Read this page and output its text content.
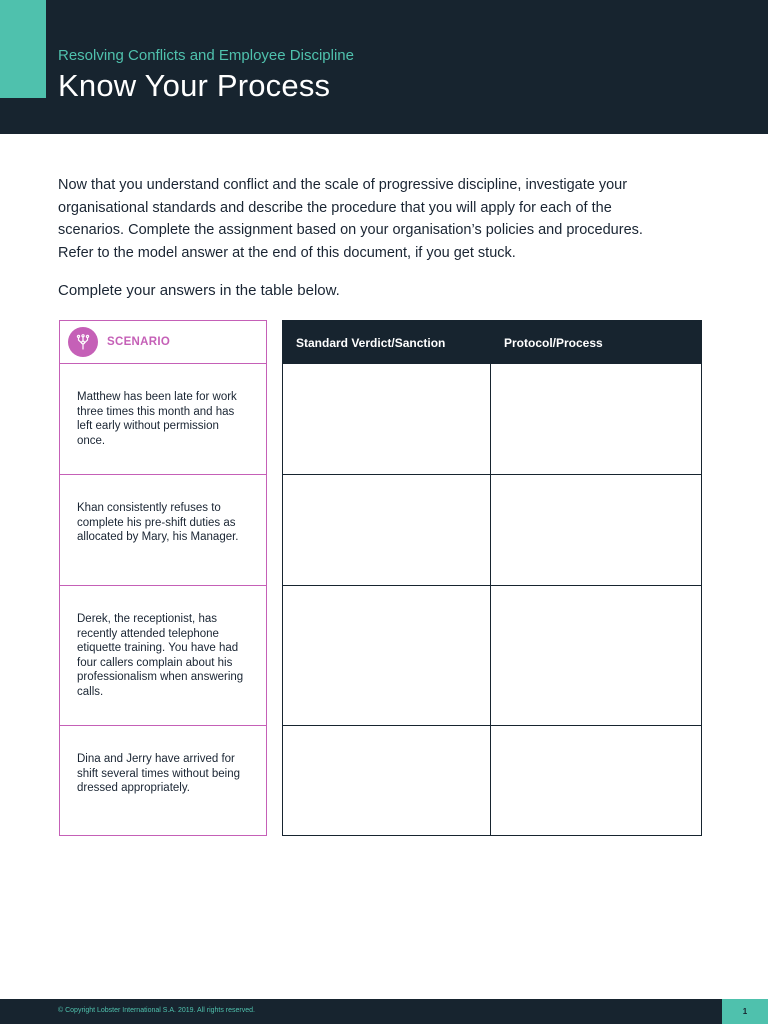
Resolving Conflicts and Employee Discipline
Know Your Process

Now that you understand conflict and the scale of progressive discipline, investigate your organisational standards and describe the procedure that you will apply for each of the scenarios. Complete the assignment based on your organisation’s policies and procedures. Refer to the model answer at the end of this document, if you get stuck.

Complete your answers in the table below.

SCENARIO
Matthew has been late for work three times this month and has left early without permission once.
Khan consistently refuses to complete his pre-shift duties as allocated by Mary, his Manager.
Derek, the receptionist, has recently attended telephone etiquette training. You have had four callers complain about his professionalism when answering calls.
Dina and Jerry have arrived for shift several times without being dressed appropriately.
Standard Verdict/Sanction	Protocol/Process
© Copyright Lobster International S.A. 2019. All rights reserved.	1
